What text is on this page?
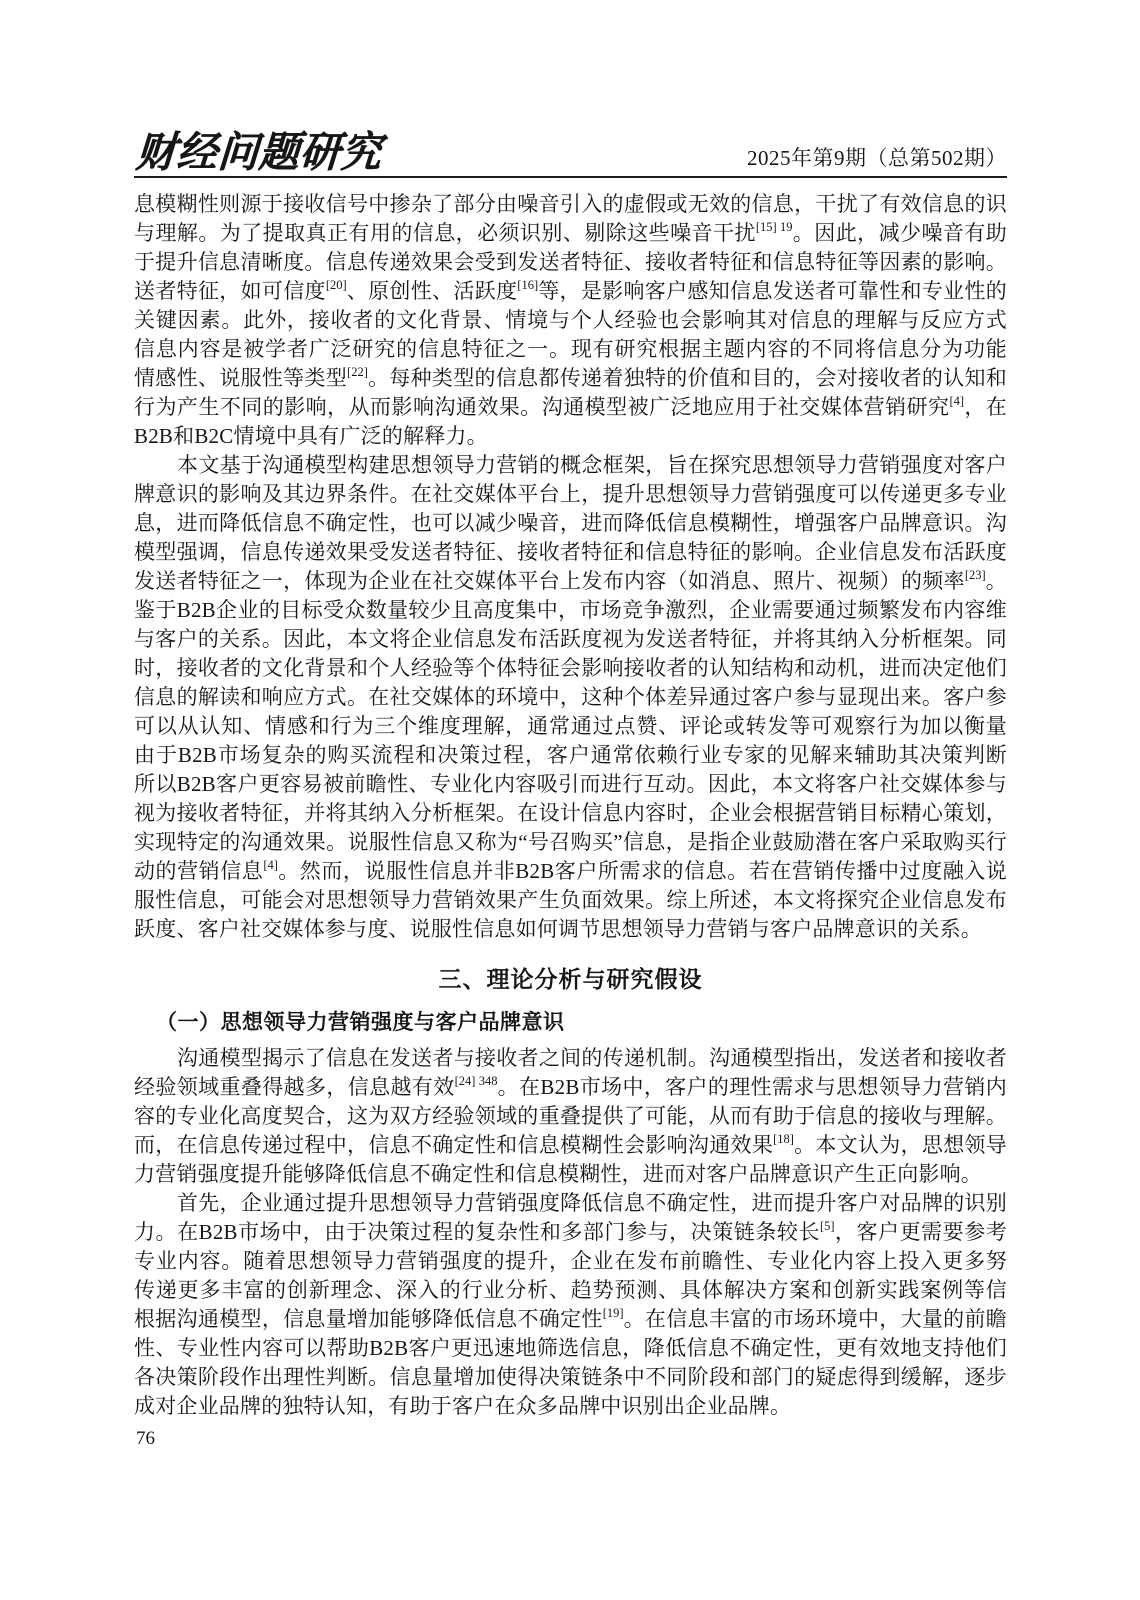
财经问题研究	2025年第9期（总第502期）
息模糊性则源于接收信号中掺杂了部分由噪音引入的虚假或无效的信息，干扰了有效信息的识
与理解。为了提取真正有用的信息，必须识别、剔除这些噪音干扰$^{[15] 19}$。因此，减少噪音有助
于提升信息清晰度。信息传递效果会受到发送者特征、接收者特征和信息特征等因素的影响。
送者特征，如可信度[20]、原创性、活跃度[16]等，是影响客户感知信息发送者可靠性和专业性的
关键因素。此外，接收者的文化背景、情境与个人经验也会影响其对信息的理解与反应方式
信息内容是被学者广泛研究的信息特征之一。现有研究根据主题内容的不同将信息分为功能
情感性、说服性等类型[22]。每种类型的信息都传递着独特的价值和目的，会对接收者的认知和
行为产生不同的影响，从而影响沟通效果。沟通模型被广泛地应用于社交媒体营销研究[4]，在
B2B和B2C情境中具有广泛的解释力。
本文基于沟通模型构建思想领导力营销的概念框架，旨在探究思想领导力营销强度对客户
牌意识的影响及其边界条件。在社交媒体平台上，提升思想领导力营销强度可以传递更多专业
息，进而降低信息不确定性，也可以减少噪音，进而降低信息模糊性，增强客户品牌意识。沟
模型强调，信息传递效果受发送者特征、接收者特征和信息特征的影响。企业信息发布活跃度
发送者特征之一，体现为企业在社交媒体平台上发布内容（如消息、照片、视频）的频率[23]。
鉴于B2B企业的目标受众数量较少且高度集中，市场竞争激烈，企业需要通过频繁发布内容维
与客户的关系。因此，本文将企业信息发布活跃度视为发送者特征，并将其纳入分析框架。同
时，接收者的文化背景和个人经验等个体特征会影响接收者的认知结构和动机，进而决定他们
信息的解读和响应方式。在社交媒体的环境中，这种个体差异通过客户参与显现出来。客户参
可以从认知、情感和行为三个维度理解，通常通过点赞、评论或转发等可观察行为加以衡量
由于B2B市场复杂的购买流程和决策过程，客户通常依赖行业专家的见解来辅助其决策判断
所以B2B客户更容易被前瞻性、专业化内容吸引而进行互动。因此，本文将客户社交媒体参与
视为接收者特征，并将其纳入分析框架。在设计信息内容时，企业会根据营销目标精心策划，
实现特定的沟通效果。说服性信息又称为“号召购买”信息，是指企业鼓励潜在客户采取购买行
动的营销信息[4]。然而，说服性信息并非B2B客户所需求的信息。若在营销传播中过度融入说
服性信息，可能会对思想领导力营销效果产生负面效果。综上所述，本文将探究企业信息发布
跃度、客户社交媒体参与度、说服性信息如何调节思想领导力营销与客户品牌意识的关系。
三、理论分析与研究假设
（一）思想领导力营销强度与客户品牌意识
沟通模型揭示了信息在发送者与接收者之间的传递机制。沟通模型指出，发送者和接收者
经验领域重叠得越多，信息越有效$^{[24] 348}$。在B2B市场中，客户的理性需求与思想领导力营销内
容的专业化高度契合，这为双方经验领域的重叠提供了可能，从而有助于信息的接收与理解。
而，在信息传递过程中，信息不确定性和信息模糊性会影响沟通效果[18]。本文认为，思想领导
力营销强度提升能够降低信息不确定性和信息模糊性，进而对客户品牌意识产生正向影响。
首先，企业通过提升思想领导力营销强度降低信息不确定性，进而提升客户对品牌的识别
力。在B2B市场中，由于决策过程的复杂性和多部门参与，决策链条较长[5]，客户更需要参考
专业内容。随着思想领导力营销强度的提升，企业在发布前瞻性、专业化内容上投入更多努
传递更多丰富的创新理念、深入的行业分析、趋势预测、具体解决方案和创新实践案例等信
根据沟通模型，信息量增加能够降低信息不确定性[19]。在信息丰富的市场环境中，大量的前瞻
性、专业性内容可以帮助B2B客户更迅速地筛选信息，降低信息不确定性，更有效地支持他们
各决策阶段作出理性判断。信息量增加使得决策链条中不同阶段和部门的疑虑得到缓解，逐步
成对企业品牌的独特认知，有助于客户在众多品牌中识别出企业品牌。
76
